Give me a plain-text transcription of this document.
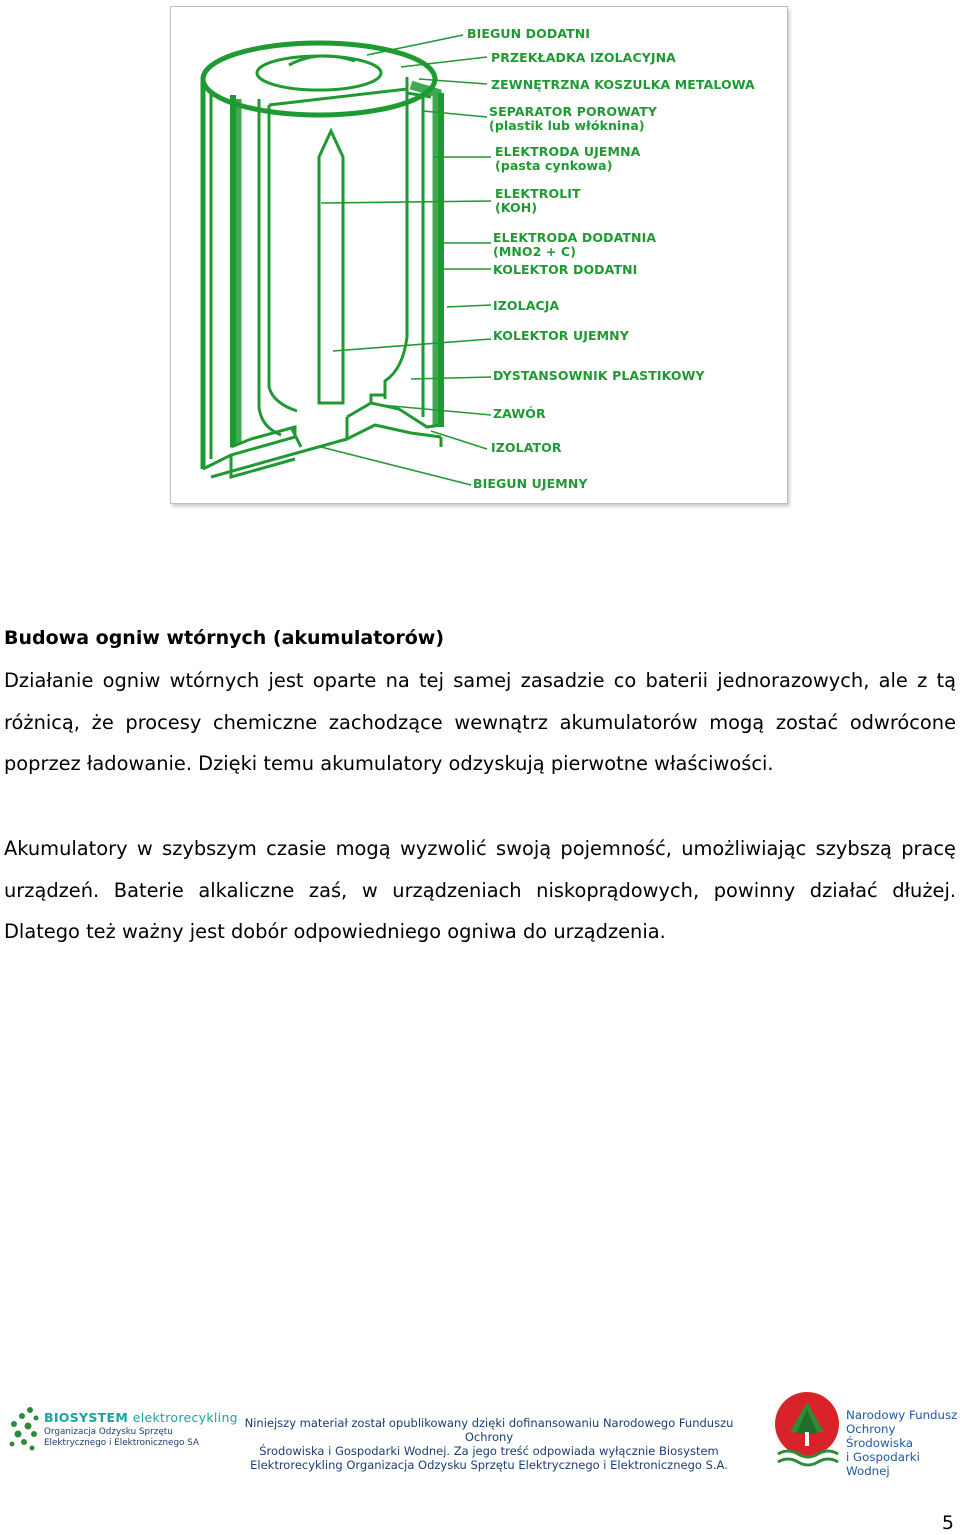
BIEGUN DODATNI
PRZEKŁADKA IZOLACYJNA
ZEWNĘTRZNA KOSZULKA METALOWA
SEPARATOR POROWATY
(plastik lub włóknina)
ELEKTRODA UJEMNA
(pasta cynkowa)
ELEKTROLIT
(KOH)
ELEKTRODA DODATNIA
(MNO2 + C)
KOLEKTOR DODATNI
IZOLACJA
KOLEKTOR UJEMNY
DYSTANSOWNIK PLASTIKOWY
ZAWÓR
IZOLATOR
BIEGUN UJEMNY
Budowa ogniw wtórnych (akumulatorów)

Działanie ogniw wtórnych jest oparte na tej samej zasadzie co baterii jednorazowych, ale z tą różnicą, że procesy chemiczne zachodzące wewnątrz akumulatorów mogą zostać odwrócone poprzez ładowanie. Dzięki temu akumulatory odzyskują pierwotne właściwości.

Akumulatory w szybszym czasie mogą wyzwolić swoją pojemność, umożliwiając szybszą pracę urządzeń. Baterie alkaliczne zaś, w urządzeniach niskoprądowych, powinny działać dłużej. Dlatego też ważny jest dobór odpowiedniego ogniwa do urządzenia.

BIOSYSTEM elektrorecykling
Organizacja Odzysku Sprzętu
Elektrycznego i Elektronicznego SA
Niniejszy materiał został opublikowany dzięki dofinansowaniu Narodowego Funduszu Ochrony
Środowiska i Gospodarki Wodnej. Za jego treść odpowiada wyłącznie Biosystem
Elektrorecykling Organizacja Odzysku Sprzętu Elektrycznego i Elektronicznego S.A.
Narodowy Fundusz
Ochrony Środowiska
i Gospodarki Wodnej
5
